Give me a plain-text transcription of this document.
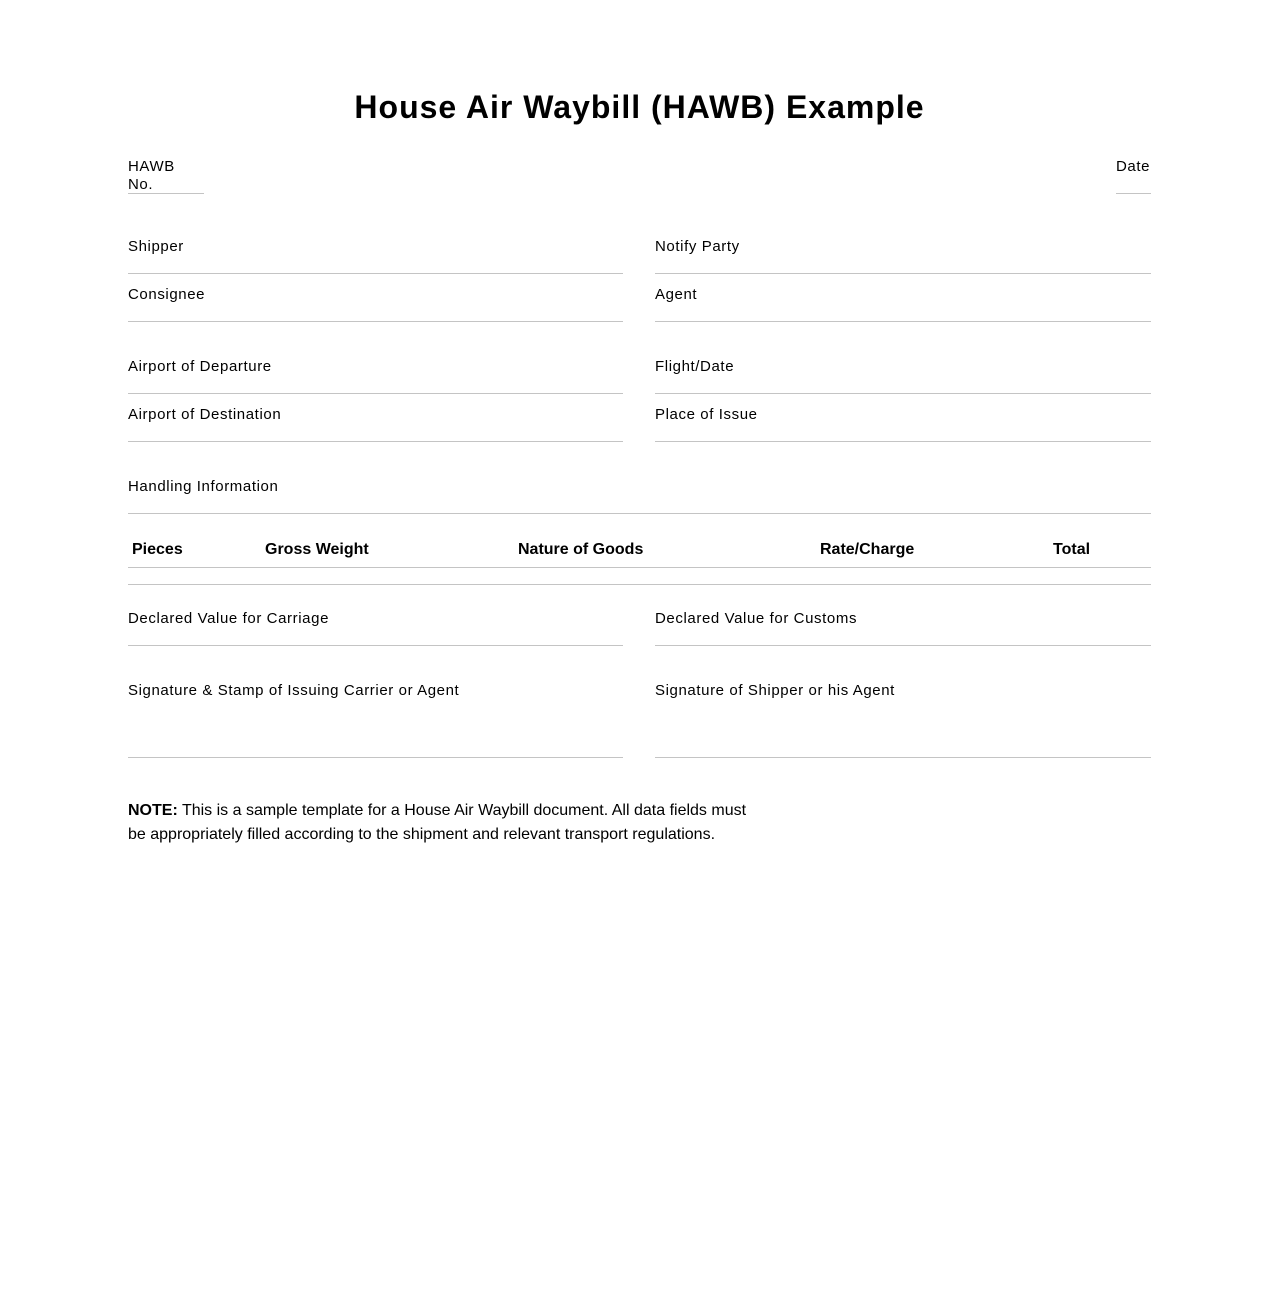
House Air Waybill (HAWB) Example
HAWB No.
Date
Shipper	Notify Party
Consignee	Agent
Airport of Departure	Flight/Date
Airport of Destination	Place of Issue
Handling Information
Pieces	Gross Weight	Nature of Goods	Rate/Charge	Total

Declared Value for Carriage	Declared Value for Customs
Signature & Stamp of Issuing Carrier or Agent	Signature of Shipper or his Agent

NOTE: This is a sample template for a House Air Waybill document. All data fields must be appropriately filled according to the shipment and relevant transport regulations.
